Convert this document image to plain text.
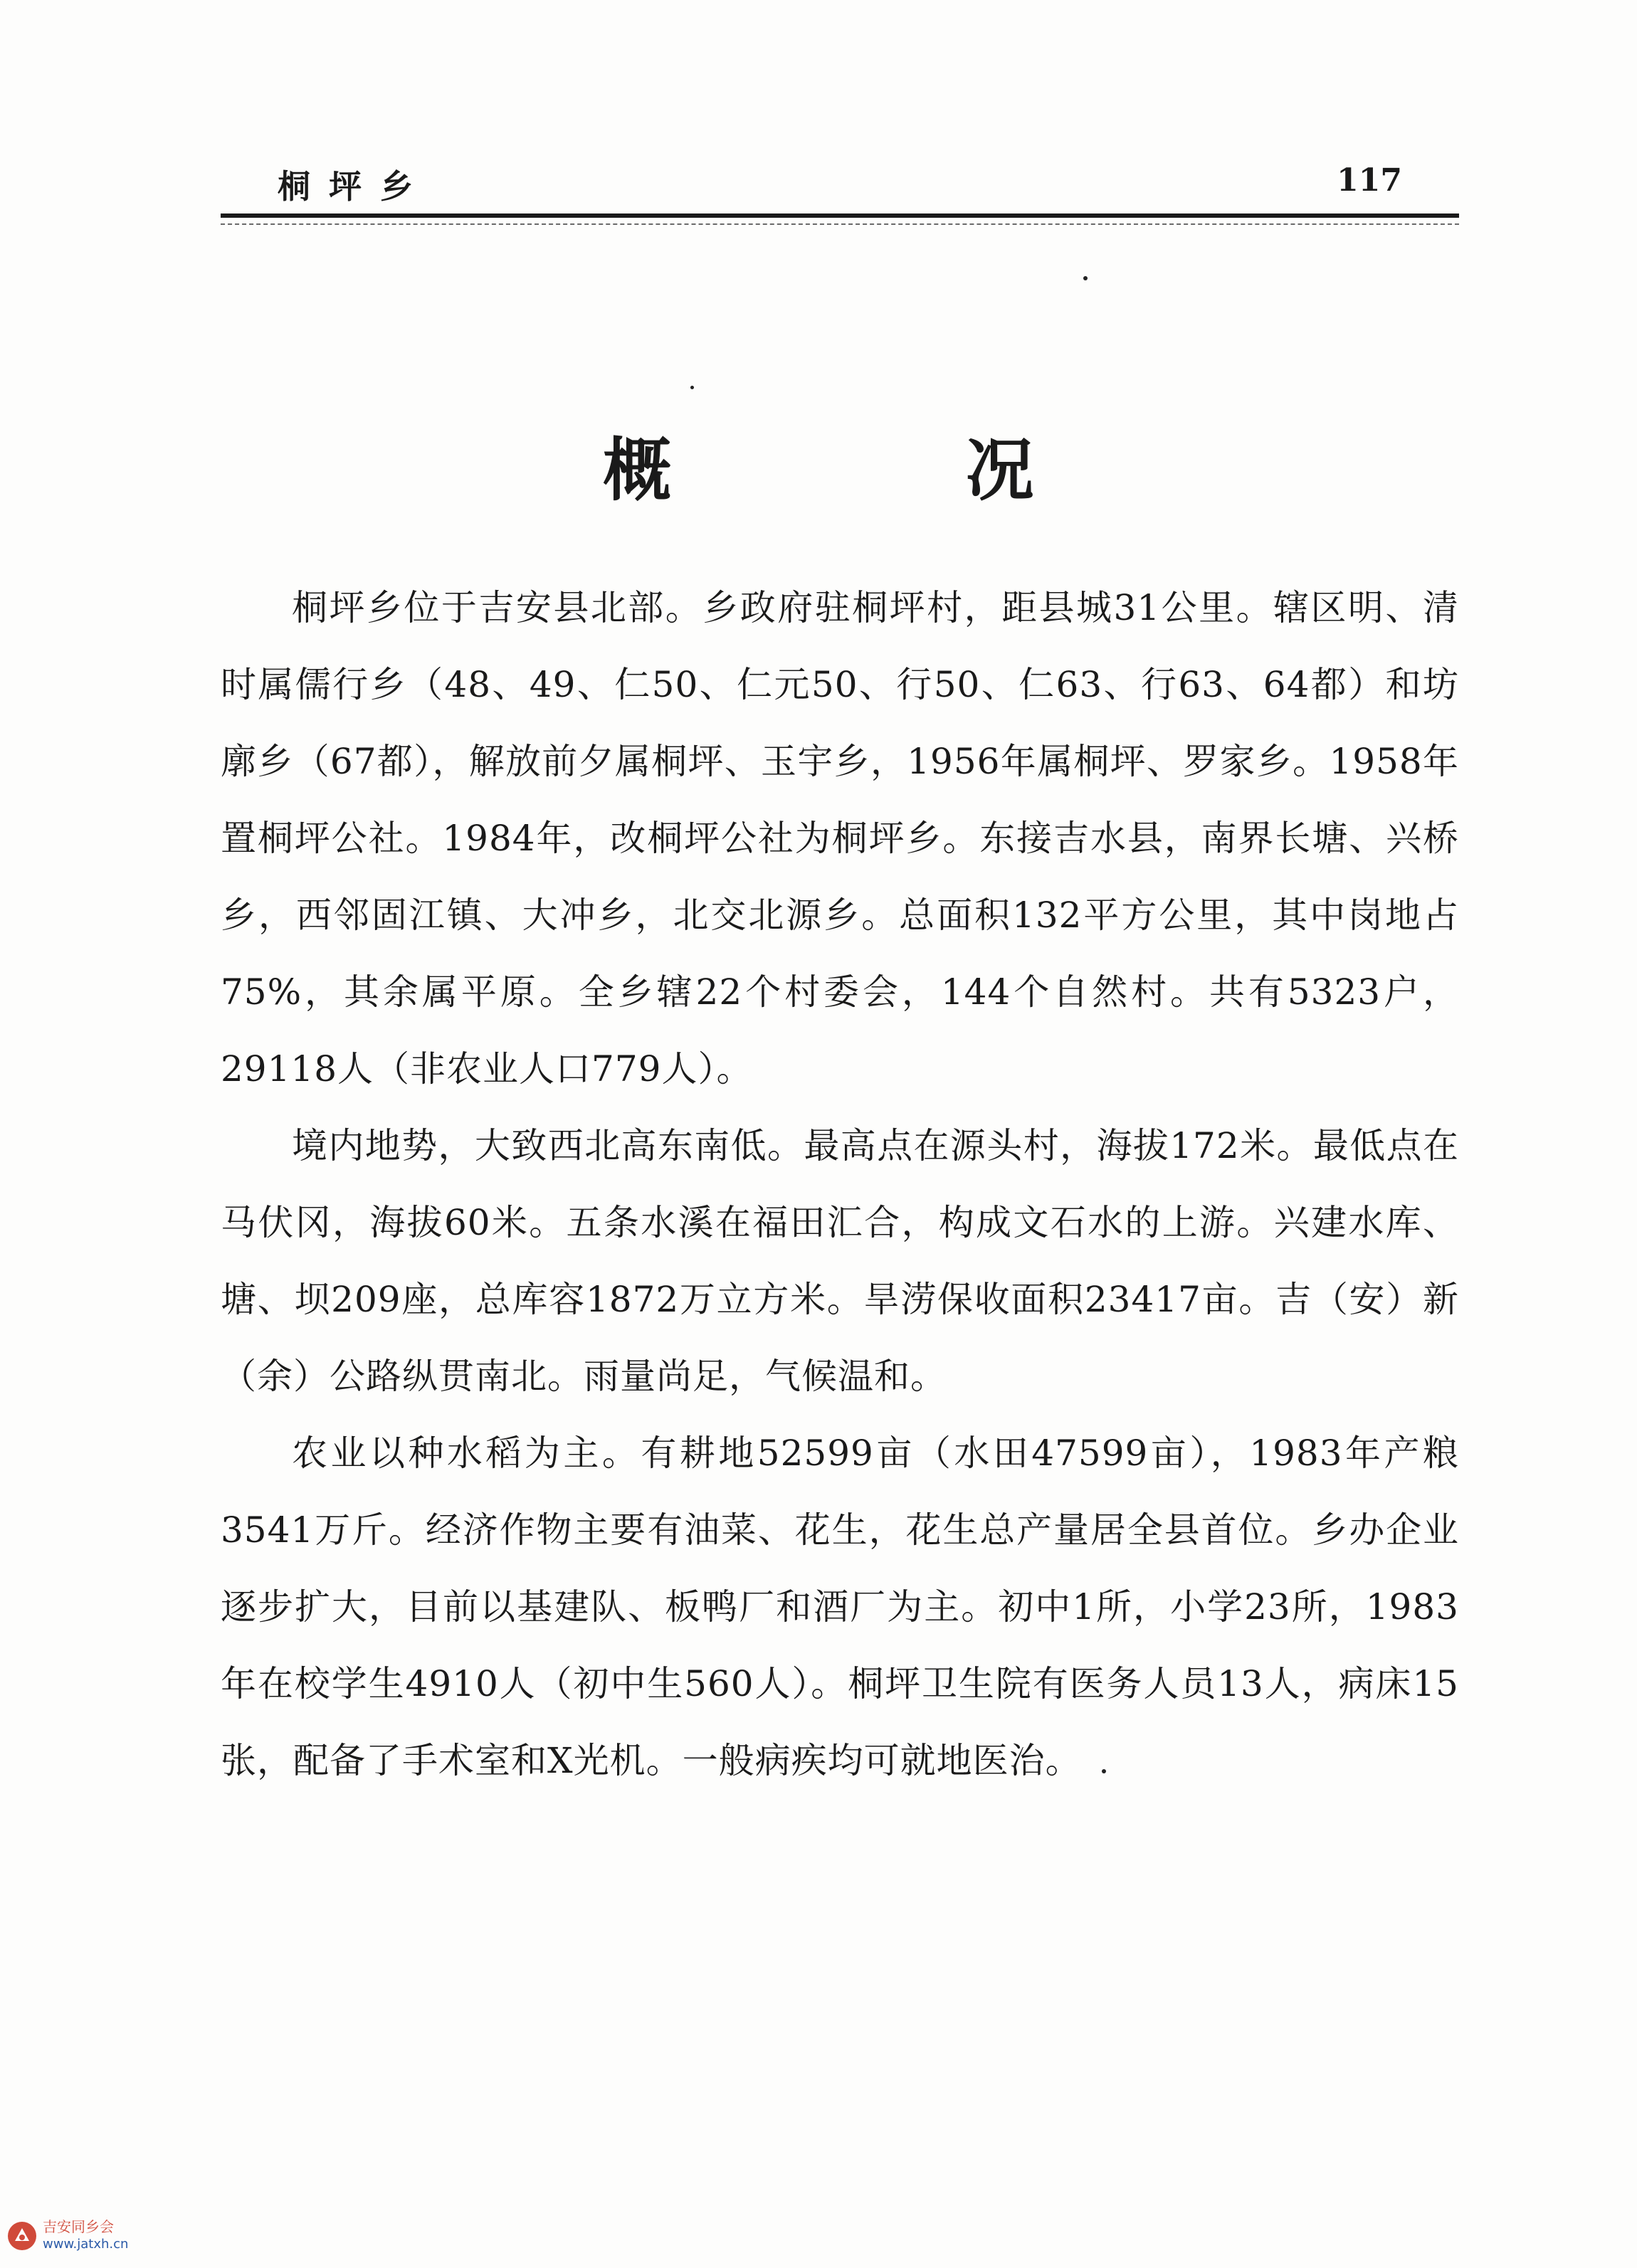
桐坪乡	117
概 况

桐坪乡位于吉安县北部。乡政府驻桐坪村，距县城31公里。辖区明、清时属儒行乡（48、49、仁50、仁元50、行50、仁63、行63、64都）和坊廓乡（67都），解放前夕属桐坪、玉宇乡，1956年属桐坪、罗家乡。1958年置桐坪公社。1984年，改桐坪公社为桐坪乡。东接吉水县，南界长塘、兴桥乡，西邻固江镇、大冲乡，北交北源乡。总面积132平方公里，其中岗地占75%，其余属平原。全乡辖22个村委会，144个自然村。共有5323户，29118人（非农业人口779人）。

境内地势，大致西北高东南低。最高点在源头村，海拔172米。最低点在马伏冈，海拔60米。五条水溪在福田汇合，构成文石水的上游。兴建水库、塘、坝209座，总库容1872万立方米。旱涝保收面积23417亩。吉（安）新（余）公路纵贯南北。雨量尚足，气候温和。

农业以种水稻为主。有耕地52599亩（水田47599亩），1983年产粮3541万斤。经济作物主要有油菜、花生，花生总产量居全县首位。乡办企业逐步扩大，目前以基建队、板鸭厂和酒厂为主。初中1所，小学23所，1983年在校学生4910人（初中生560人）。桐坪卫生院有医务人员13人，病床15张，配备了手术室和X光机。一般病疾均可就地医治。

吉安同乡会
www.jatxh.cn
